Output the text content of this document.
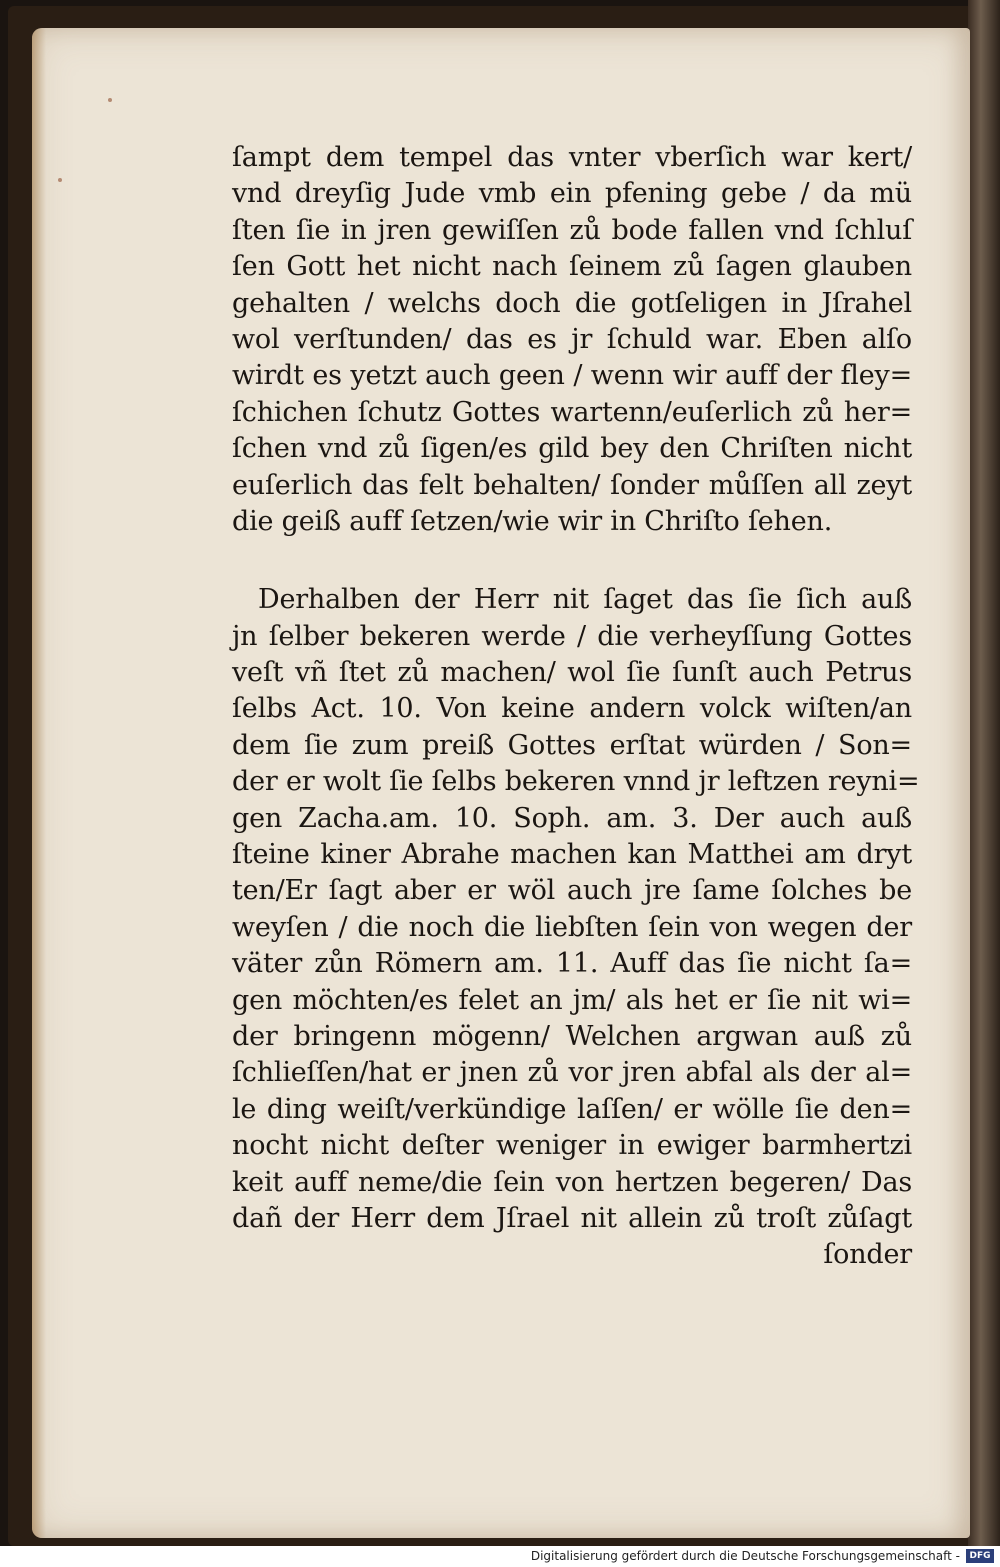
ſampt dem tempel das vnter vberſich war kert/
vnd dreyſig Jude vmb ein pfening gebe / da mü
ſten ſie in jren gewiſſen zů bode fallen vnd ſchluſ
ſen Gott het nicht nach ſeinem zů ſagen glauben
gehalten / welchs doch die gotſeligen in Jſrahel
wol verſtunden/ das es jr ſchuld war. Eben alſo
wirdt es yetzt auch geen / wenn wir auff der fley=
ſchichen ſchutz Gottes wartenn/euſerlich zů her=
ſchen vnd zů ſigen/es gild bey den Chriſten nicht
euſerlich das felt behalten/ ſonder můſſen all zeyt
die geiß auff ſetzen/wie wir in Chriſto ſehen.
Derhalben der Herr nit ſaget das ſie ſich auß
jn ſelber bekeren werde / die verheyſſung Gottes
veſt vñ ſtet zů machen/ wol ſie ſunſt auch Petrus
ſelbs Act. 10. Von keine andern volck wiſten/an
dem ſie zum preiß Gottes erſtat würden / Son=
der er wolt ſie ſelbs bekeren vnnd jr leftzen reyni=
gen Zacha.am. 10. Soph. am. 3. Der auch auß
ſteine kiner Abrahe machen kan Matthei am dryt
ten/Er ſagt aber er wöl auch jre ſame ſolches be
weyſen / die noch die liebſten ſein von wegen der
väter zůn Römern am. 11. Auff das ſie nicht ſa=
gen möchten/es felet an jm/ als het er ſie nit wi=
der bringenn mögenn/ Welchen argwan auß zů
ſchlieſſen/hat er jnen zů vor jren abfal als der al=
le ding weiſt/verkündige laſſen/ er wölle ſie den=
nocht nicht deſter weniger in ewiger barmhertzi
keit auff neme/die ſein von hertzen begeren/ Das
dañ der Herr dem Jſrael nit allein zů troſt zůſagt
ſonder
Digitalisierung gefördert durch die Deutsche Forschungsgemeinschaft -	DFG
